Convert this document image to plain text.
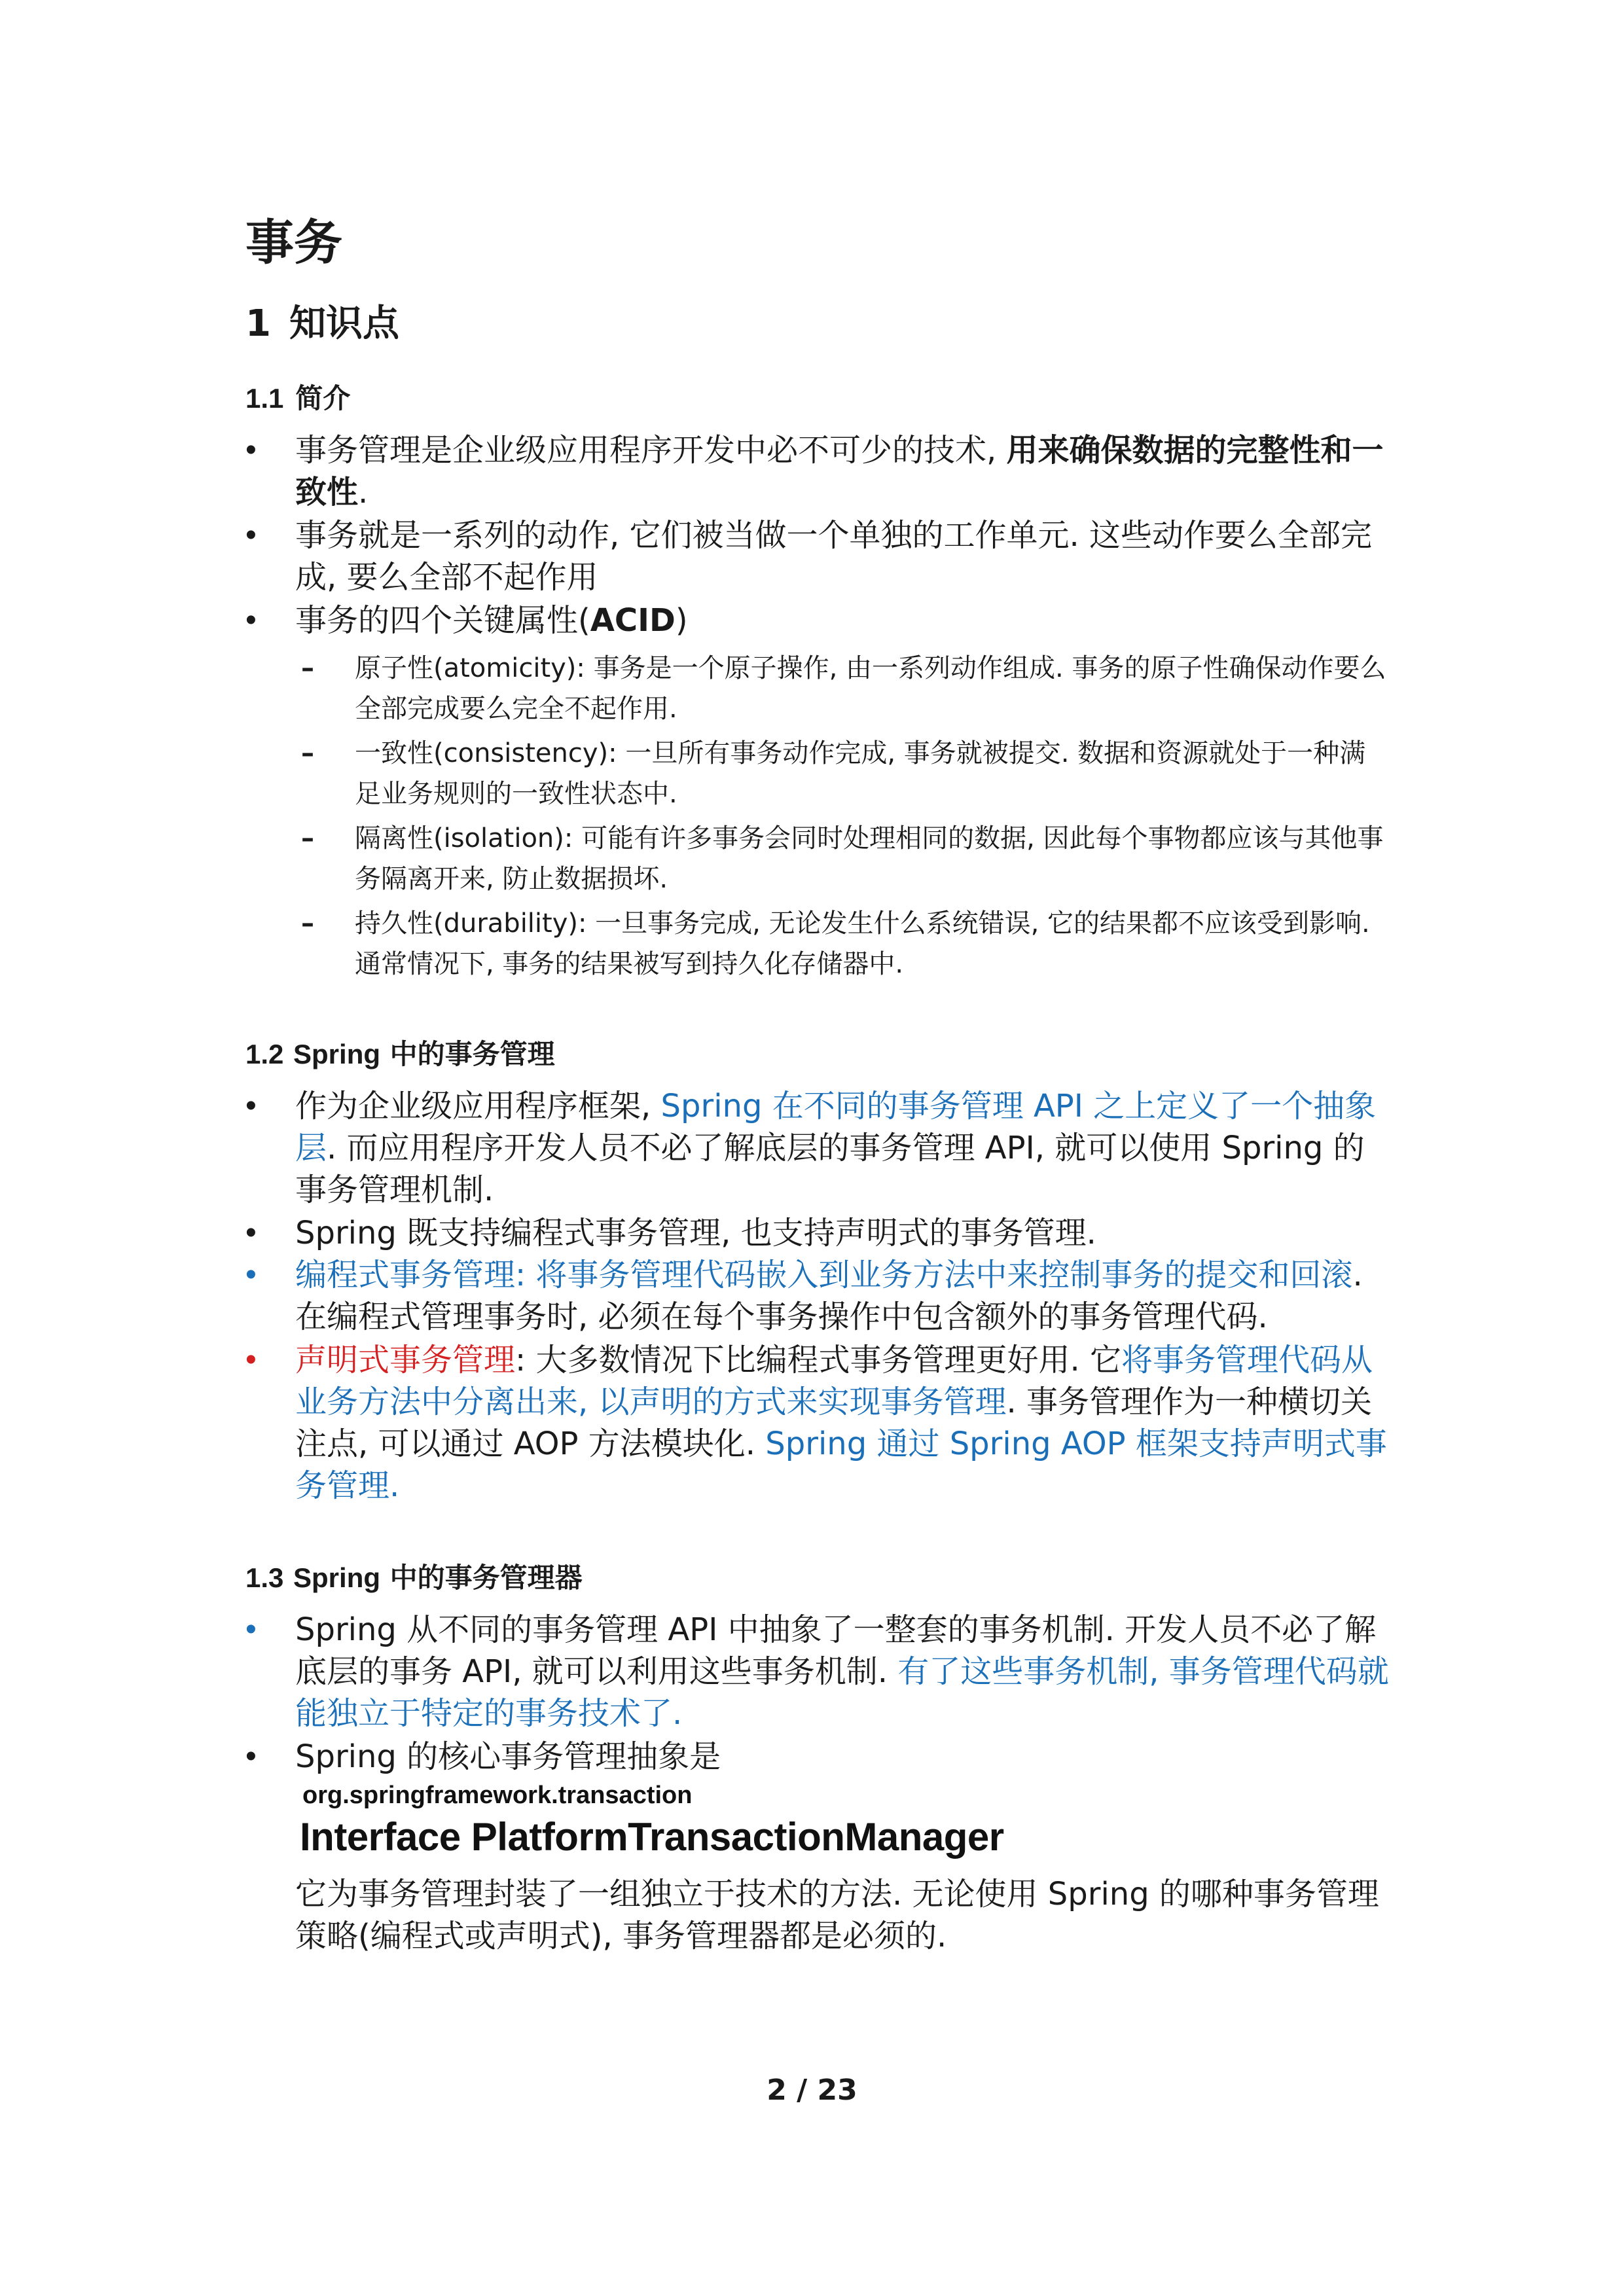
事务
1 知识点
1.1 简介
•	事务管理是企业级应用程序开发中必不可少的技术, 用来确保数据的完整性和一致性.
•	事务就是一系列的动作, 它们被当做一个单独的工作单元. 这些动作要么全部完成, 要么全部不起作用
•	事务的四个关键属性(ACID)
– 原子性(atomicity): 事务是一个原子操作, 由一系列动作组成. 事务的原子性确保动作要么全部完成要么完全不起作用.
– 一致性(consistency): 一旦所有事务动作完成, 事务就被提交. 数据和资源就处于一种满足业务规则的一致性状态中.
– 隔离性(isolation): 可能有许多事务会同时处理相同的数据, 因此每个事物都应该与其他事务隔离开来, 防止数据损坏.
– 持久性(durability): 一旦事务完成, 无论发生什么系统错误, 它的结果都不应该受到影响. 通常情况下, 事务的结果被写到持久化存储器中.
1.2 Spring 中的事务管理
•	作为企业级应用程序框架, Spring 在不同的事务管理 API 之上定义了一个抽象层. 而应用程序开发人员不必了解底层的事务管理 API, 就可以使用 Spring 的事务管理机制.
•	Spring 既支持编程式事务管理, 也支持声明式的事务管理.
•	编程式事务管理: 将事务管理代码嵌入到业务方法中来控制事务的提交和回滚. 在编程式管理事务时, 必须在每个事务操作中包含额外的事务管理代码.
•	声明式事务管理: 大多数情况下比编程式事务管理更好用. 它将事务管理代码从业务方法中分离出来, 以声明的方式来实现事务管理. 事务管理作为一种横切关注点, 可以通过 AOP 方法模块化. Spring 通过 Spring AOP 框架支持声明式事务管理.
1.3 Spring 中的事务管理器
•	Spring 从不同的事务管理 API 中抽象了一整套的事务机制. 开发人员不必了解底层的事务 API, 就可以利用这些事务机制. 有了这些事务机制, 事务管理代码就能独立于特定的事务技术了.
•	Spring 的核心事务管理抽象是
org.springframework.transaction
Interface PlatformTransactionManager
它为事务管理封装了一组独立于技术的方法. 无论使用 Spring 的哪种事务管理策略(编程式或声明式), 事务管理器都是必须的.
2 / 23
